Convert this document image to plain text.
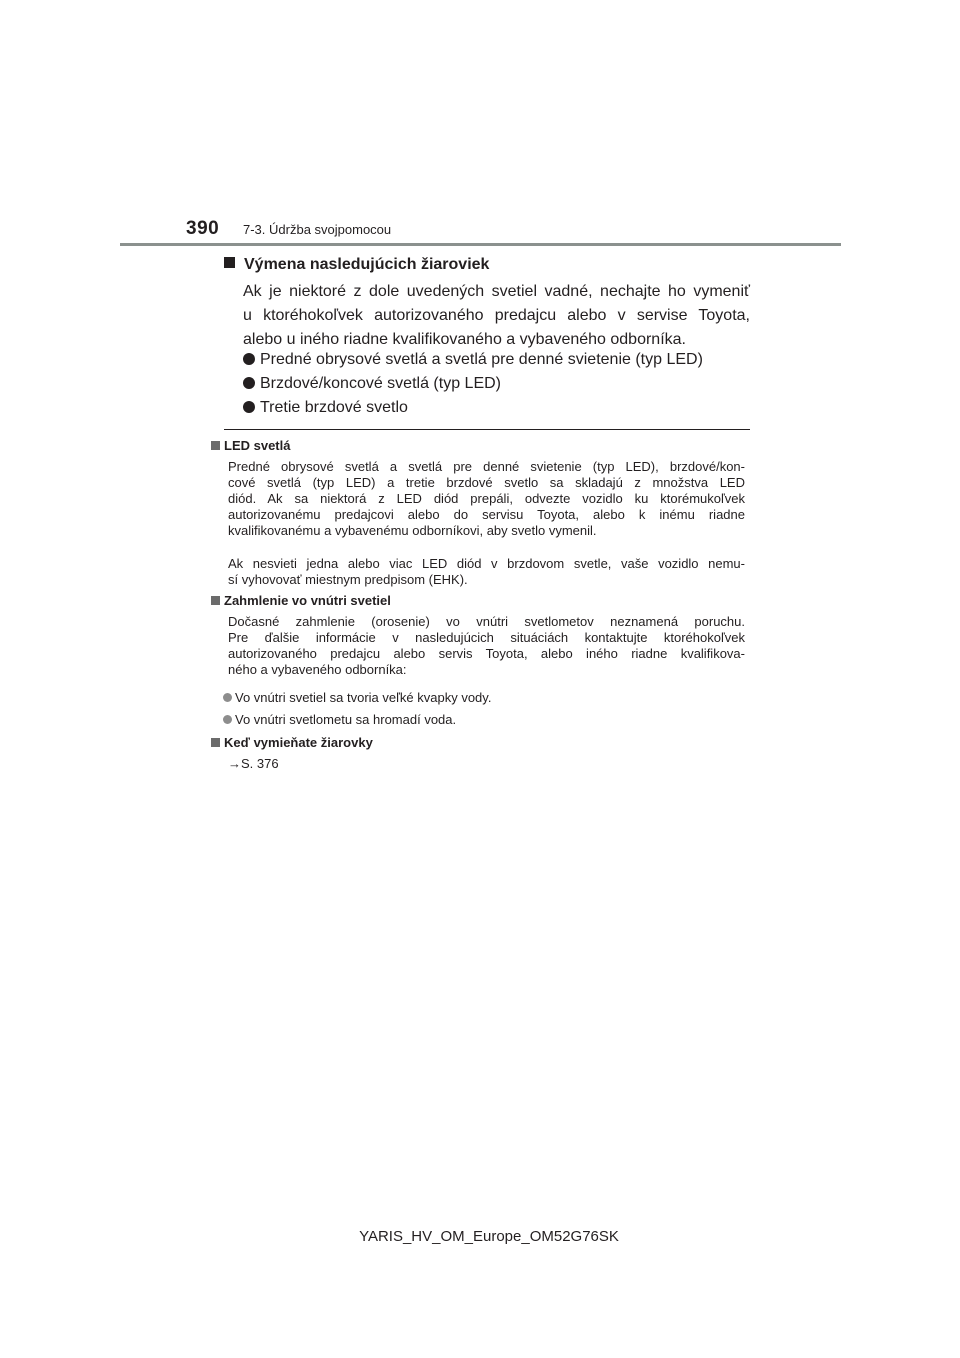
390 7-3. Údržba svojpomocou
Výmena nasledujúcich žiaroviek
Ak je niektoré z dole uvedených svetiel vadné, nechajte ho vymeniť
u ktoréhokoľvek autorizovaného predajcu alebo v servise Toyota,
alebo u iného riadne kvalifikovaného a vybaveného odborníka.
Predné obrysové svetlá a svetlá pre denné svietenie (typ LED)
Brzdové/koncové svetlá (typ LED)
Tretie brzdové svetlo
LED svetlá
Predné obrysové svetlá a svetlá pre denné svietenie (typ LED), brzdové/kon-
cové svetlá (typ LED) a tretie brzdové svetlo sa skladajú z množstva LED
diód. Ak sa niektorá z LED diód prepáli, odvezte vozidlo ku ktorémukoľvek
autorizovanému predajcovi alebo do servisu Toyota, alebo k inému riadne
kvalifikovanému a vybavenému odborníkovi, aby svetlo vymenil.
Ak nesvieti jedna alebo viac LED diód v brzdovom svetle, vaše vozidlo nemu-
sí vyhovovať miestnym predpisom (EHK).
Zahmlenie vo vnútri svetiel
Dočasné zahmlenie (orosenie) vo vnútri svetlometov neznamená poruchu.
Pre ďalšie informácie v nasledujúcich situáciách kontaktujte ktoréhokoľvek
autorizovaného predajcu alebo servis Toyota, alebo iného riadne kvalifikova-
ného a vybaveného odborníka:
Vo vnútri svetiel sa tvoria veľké kvapky vody.
Vo vnútri svetlometu sa hromadí voda.
Keď vymieňate žiarovky
→S. 376
YARIS_HV_OM_Europe_OM52G76SK
